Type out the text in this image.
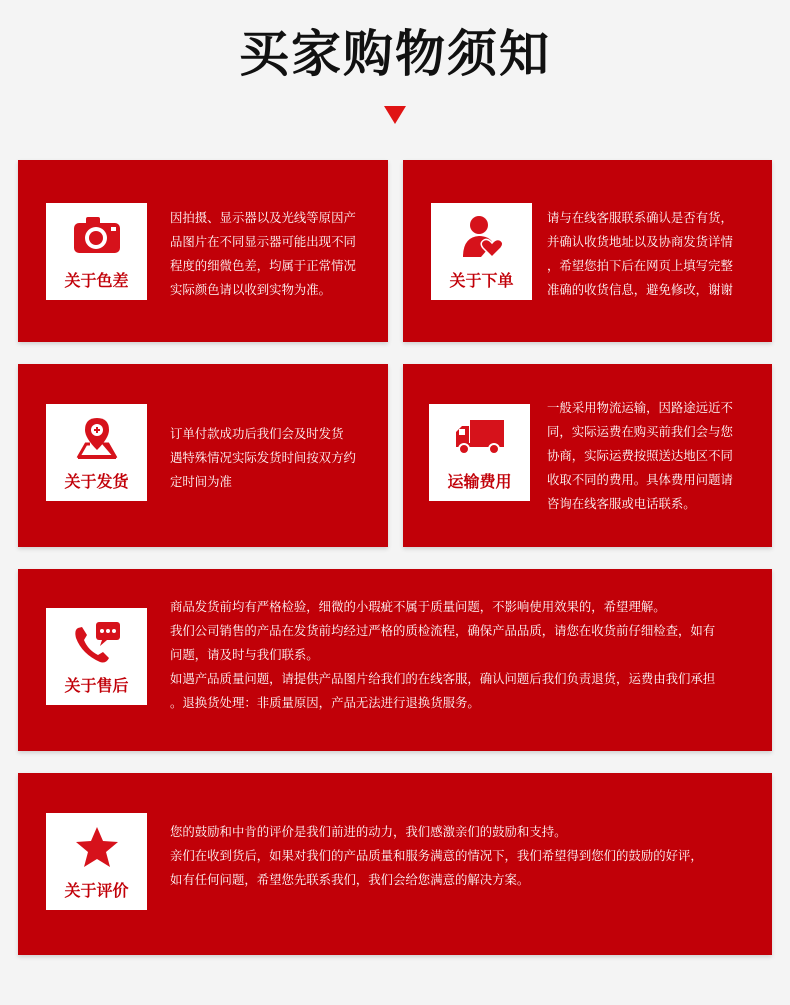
买家购物须知
关于色差
因拍摄、显示器以及光线等原因产
品图片在不同显示器可能出现不同
程度的细微色差，均属于正常情况
实际颜色请以收到实物为准。	关于下单
请与在线客服联系确认是否有货，
并确认收货地址以及协商发货详情
，希望您拍下后在网页上填写完整
准确的收货信息，避免修改，谢谢
关于发货
订单付款成功后我们会及时发货
遇特殊情况实际发货时间按双方约
定时间为准	运输费用
一般采用物流运输，因路途远近不
同，实际运费在购买前我们会与您
协商，实际运费按照送达地区不同
收取不同的费用。具体费用问题请
咨询在线客服或电话联系。
关于售后
商品发货前均有严格检验，细微的小瑕疵不属于质量问题，不影响使用效果的，希望理解。
我们公司销售的产品在发货前均经过严格的质检流程，确保产品品质，请您在收货前仔细检查，如有
问题，请及时与我们联系。
如遇产品质量问题，请提供产品图片给我们的在线客服，确认问题后我们负责退货，运费由我们承担
。退换货处理：非质量原因，产品无法进行退换货服务。
关于评价
您的鼓励和中肯的评价是我们前进的动力，我们感激亲们的鼓励和支持。
亲们在收到货后，如果对我们的产品质量和服务满意的情况下，我们希望得到您们的鼓励的好评，
如有任何问题，希望您先联系我们，我们会给您满意的解决方案。
